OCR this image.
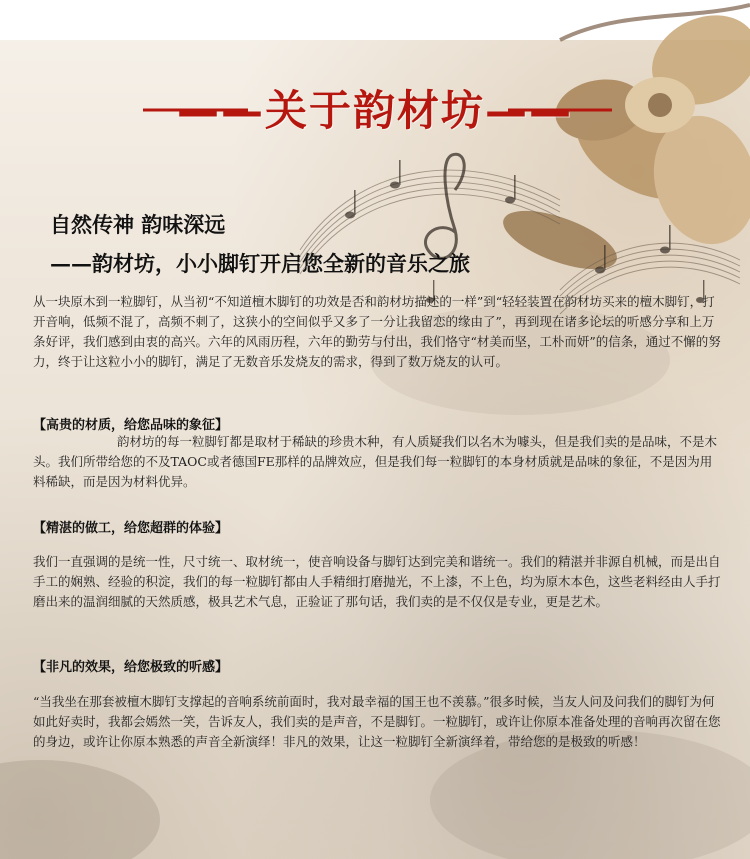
——关于韵材坊——
自然传神 韵味深远
——韵材坊，小小脚钉开启您全新的音乐之旅
从一块原木到一粒脚钉，从当初“不知道檀木脚钉的功效是否和韵材坊描述的一样”到“轻轻装置在韵材坊买来的檀木脚钉，打开音响，低频不混了，高频不刺了，这狭小的空间似乎又多了一分让我留恋的缘由了”，再到现在诸多论坛的听感分享和上万条好评，我们感到由衷的高兴。六年的风雨历程，六年的勤劳与付出，我们恪守“材美而坚，工朴而妍”的信条，通过不懈的努力，终于让这粒小小的脚钉，满足了无数音乐发烧友的需求，得到了数万烧友的认可。
【高贵的材质，给您品味的象征】
韵材坊的每一粒脚钉都是取材于稀缺的珍贵木种，有人质疑我们以名木为噱头，但是我们卖的是品味，不是木头。我们所带给您的不及TAOC或者德国FE那样的品牌效应，但是我们每一粒脚钉的本身材质就是品味的象征，不是因为用料稀缺，而是因为材料优异。
【精湛的做工，给您超群的体验】
我们一直强调的是统一性，尺寸统一、取材统一，使音响设备与脚钉达到完美和谐统一。我们的精湛并非源自机械，而是出自手工的娴熟、经验的积淀，我们的每一粒脚钉都由人手精细打磨抛光，不上漆，不上色，均为原木本色，这些老料经由人手打磨出来的温润细腻的天然质感，极具艺术气息，正验证了那句话，我们卖的是不仅仅是专业，更是艺术。
【非凡的效果，给您极致的听感】
“当我坐在那套被檀木脚钉支撑起的音响系统前面时，我对最幸福的国王也不羡慕。”很多时候，当友人问及问我们的脚钉为何如此好卖时，我都会嫣然一笑，告诉友人，我们卖的是声音，不是脚钉。一粒脚钉，或许让你原本准备处理的音响再次留在您的身边，或许让你原本熟悉的声音全新演绎！非凡的效果，让这一粒脚钉全新演绎着，带给您的是极致的听感！
